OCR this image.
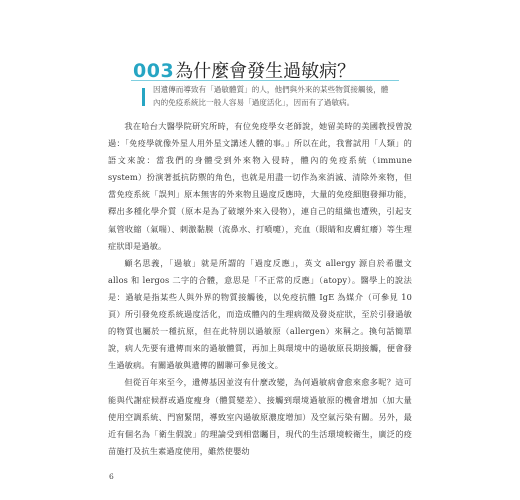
003為什麼會發生過敏病？
因遺傳而導致有「過敏體質」的人，他們與外來的某些物質接觸後，體內的免疫系統比一般人容易「過度活化」，因而有了過敏病。

我在哈台大醫學院研究所時，有位免疫學女老師說，她留美時的美國教授曾說過：「免疫學就像外星人用外星文講述人體的事。」所以在此，我嘗試用「人類」的語文來說：當我們的身體受到外來物入侵時，體內的免疫系統（immune system）扮演著抵抗防禦的角色，也就是用盡一切作為來消滅、清除外來物，但當免疫系統「誤判」原本無害的外來物且過度反應時，大量的免疫細胞發揮功能，釋出多種化學介質（原本是為了破壞外來入侵物），連自己的組織也遭殃，引起支氣管收縮（氣喘）、刺激黏膜（流鼻水、打噴嚏），充血（眼睛和皮膚紅癢）等生理症狀即是過敏。

顧名思義，「過敏」就是所謂的「過度反應」，英文 allergy 源自於希臘文 allos 和 lergos 二字的合體，意思是「不正常的反應」（atopy）。醫學上的說法是：過敏是指某些人與外界的物質接觸後，以免疫抗體 IgE 為媒介（可參見 10 頁）所引發免疫系統過度活化，而造成體內的生理病徵及發炎症狀，至於引發過敏的物質也屬於一種抗原，但在此特別以過敏原（allergen）來稱之。換句話簡單說，病人先要有遺傳而來的過敏體質，再加上與環境中的過敏原長期接觸，便會發生過敏病。有關過敏與遺傳的關聯可參見後文。

但從百年來至今，遺傳基因並沒有什麼改變，為何過敏病會愈來愈多呢？這可能與代謝症候群或過度瘦身（體質變差）、接觸到環境過敏原的機會增加（加大量使用空調系統、門窗緊閉，導致室內過敏原濃度增加）及空氣污染有關。另外，最近有個名為「衛生假說」的理論受到相當矚目，現代的生活環境較衛生，廣泛的疫苗施打及抗生素過度使用，雖然使嬰幼

6
